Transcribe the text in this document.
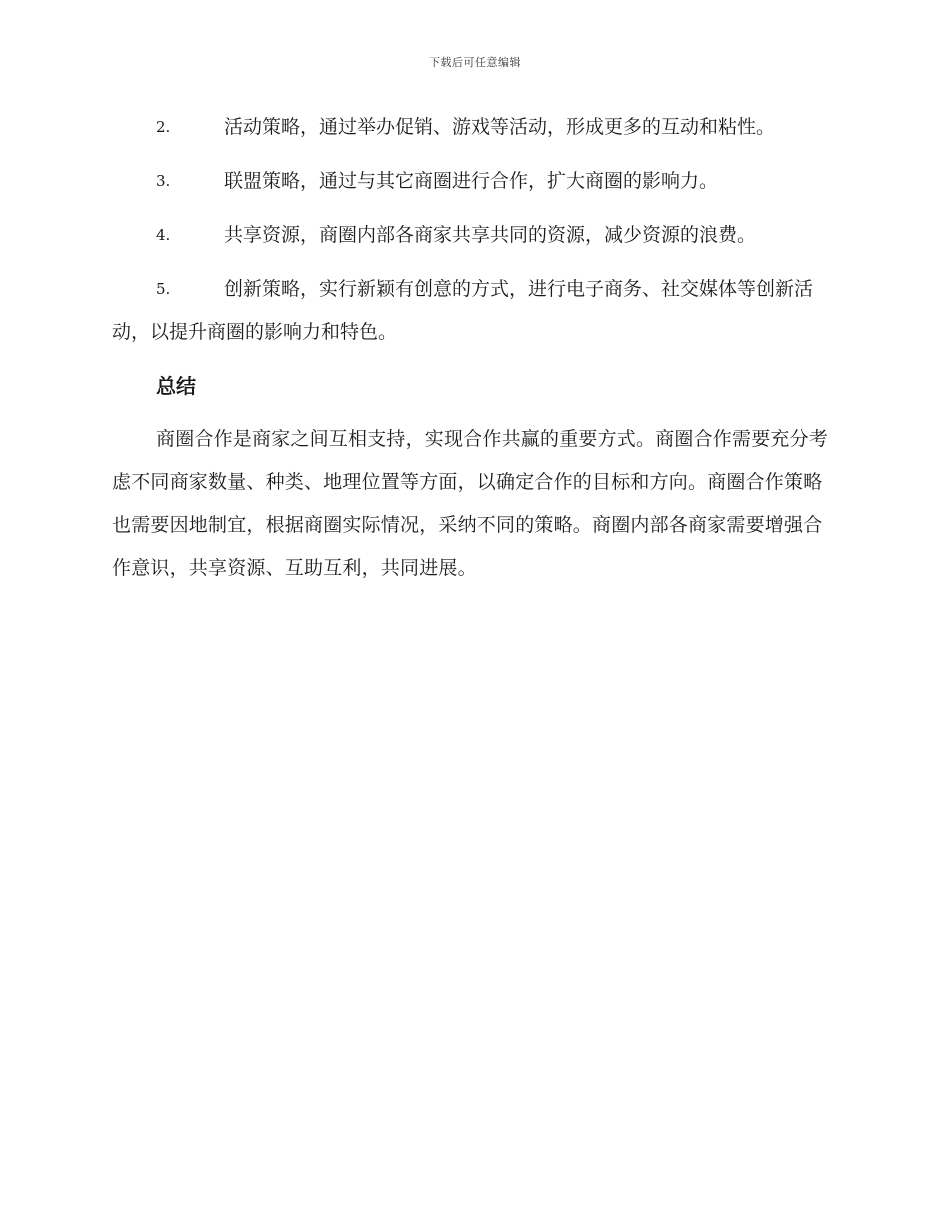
下载后可任意编辑
2.	活动策略，通过举办促销、游戏等活动，形成更多的互动和粘性。
3.	联盟策略，通过与其它商圈进行合作，扩大商圈的影响力。
4.	共享资源，商圈内部各商家共享共同的资源，减少资源的浪费。
5.	创新策略，实行新颖有创意的方式，进行电子商务、社交媒体等创新活动，以提升商圈的影响力和特色。
总结

商圈合作是商家之间互相支持，实现合作共赢的重要方式。商圈合作需要充分考虑不同商家数量、种类、地理位置等方面，以确定合作的目标和方向。商圈合作策略也需要因地制宜，根据商圈实际情况，采纳不同的策略。商圈内部各商家需要增强合作意识，共享资源、互助互利，共同进展。
